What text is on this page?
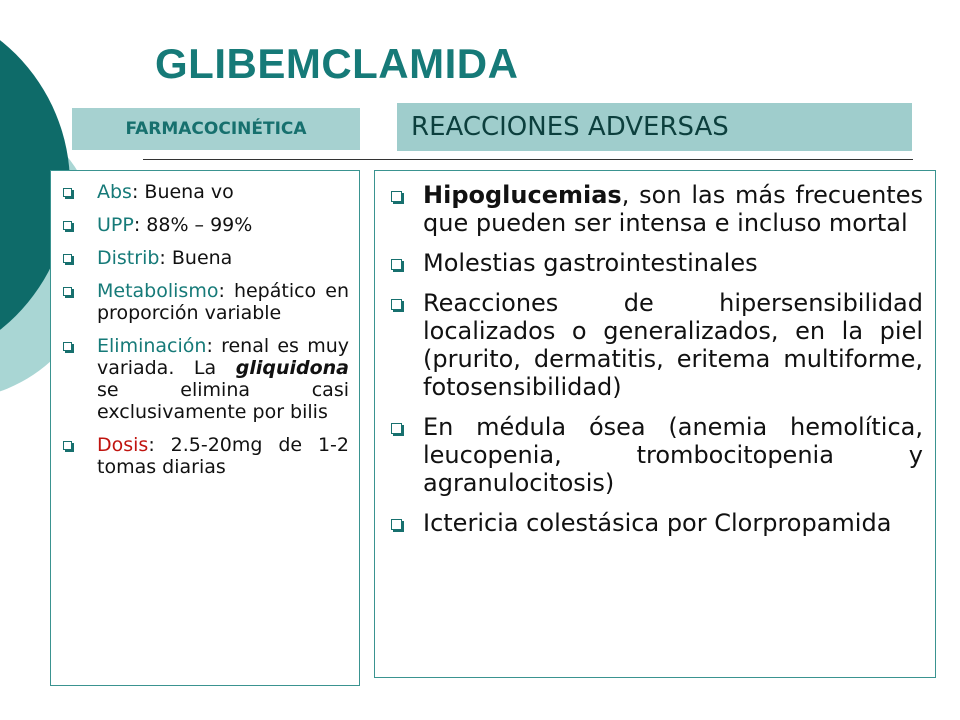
GLIBEMCLAMIDA
FARMACOCINÉTICA	REACCIONES ADVERSAS
Abs: Buena vo
UPP: 88% – 99%
Distrib: Buena
Metabolismo: hepático en proporción variable
Eliminación: renal es muy variada. La gliquidona se elimina casi exclusivamente por bilis
Dosis: 2.5-20mg de 1-2 tomas diarias
Hipoglucemias, son las más frecuentes que pueden ser intensa e incluso mortal
Molestias gastrointestinales
Reacciones de hipersensibilidad localizados o generalizados, en la piel (prurito, dermatitis, eritema multiforme, fotosensibilidad)
En médula ósea (anemia hemolítica, leucopenia, trombocitopenia y agranulocitosis)
Ictericia colestásica por Clorpropamida
